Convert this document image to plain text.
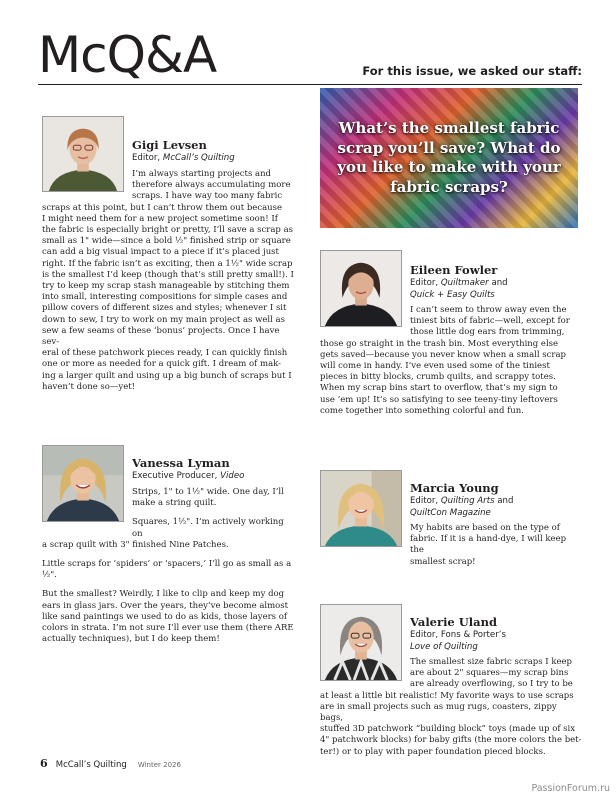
McQ&A	For this issue, we asked our staff:
What’s the smallest fabric scrap you’ll save? What do you like to make with your fabric scraps?
Gigi Levsen
Editor, McCall’s Quilting
I’m always starting projects and
therefore always accumulating more
scraps. I have way too many fabric
scraps at this point, but I can’t throw them out because
I might need them for a new project sometime soon! If
the fabric is especially bright or pretty, I’ll save a scrap as
small as 1" wide—since a bold ½" finished strip or square
can add a big visual impact to a piece if it’s placed just
right. If the fabric isn’t as exciting, then a 1½" wide scrap
is the smallest I’d keep (though that’s still pretty small!). I
try to keep my scrap stash manageable by stitching them
into small, interesting compositions for simple cases and
pillow covers of different sizes and styles; whenever I sit
down to sew, I try to work on my main project as well as
sew a few seams of these ‘bonus’ projects. Once I have sev-
eral of these patchwork pieces ready, I can quickly finish
one or more as needed for a quick gift. I dream of mak-
ing a larger quilt and using up a big bunch of scraps but I
haven’t done so—yet!
Eileen Fowler
Editor, Quiltmaker and
Quick + Easy Quilts
I can’t seem to throw away even the
tiniest bits of fabric—well, except for
those little dog ears from trimming,
those go straight in the trash bin. Most everything else
gets saved—because you never know when a small scrap
will come in handy. I’ve even used some of the tiniest
pieces in bitty blocks, crumb quilts, and scrappy totes.
When my scrap bins start to overflow, that’s my sign to
use ’em up! It’s so satisfying to see teeny-tiny leftovers
come together into something colorful and fun.
Vanessa Lyman
Executive Producer, Video
Strips, 1" to 1½" wide. One day, I’ll
make a string quilt.
Squares, 1½". I’m actively working on
a scrap quilt with 3" finished Nine Patches.
Little scraps for ‘spiders’ or ‘spacers,’ I’ll go as small as a ½".
But the smallest? Weirdly, I like to clip and keep my dog
ears in glass jars. Over the years, they’ve become almost
like sand paintings we used to do as kids, those layers of
colors in strata. I’m not sure I’ll ever use them (there ARE
actually techniques), but I do keep them!
Marcia Young
Editor, Quilting Arts and
QuiltCon Magazine
My habits are based on the type of
fabric. If it is a hand-dye, I will keep the
smallest scrap!
Valerie Uland
Editor, Fons & Porter’s
Love of Quilting
The smallest size fabric scraps I keep
are about 2" squares—my scrap bins
are already overflowing, so I try to be
at least a little bit realistic! My favorite ways to use scraps
are in small projects such as mug rugs, coasters, zippy bags,
stuffed 3D patchwork “building block” toys (made up of six
4" patchwork blocks) for baby gifts (the more colors the bet-
ter!) or to play with paper foundation pieced blocks.
6 McCall’s Quilting Winter 2026
PassionForum.ru
